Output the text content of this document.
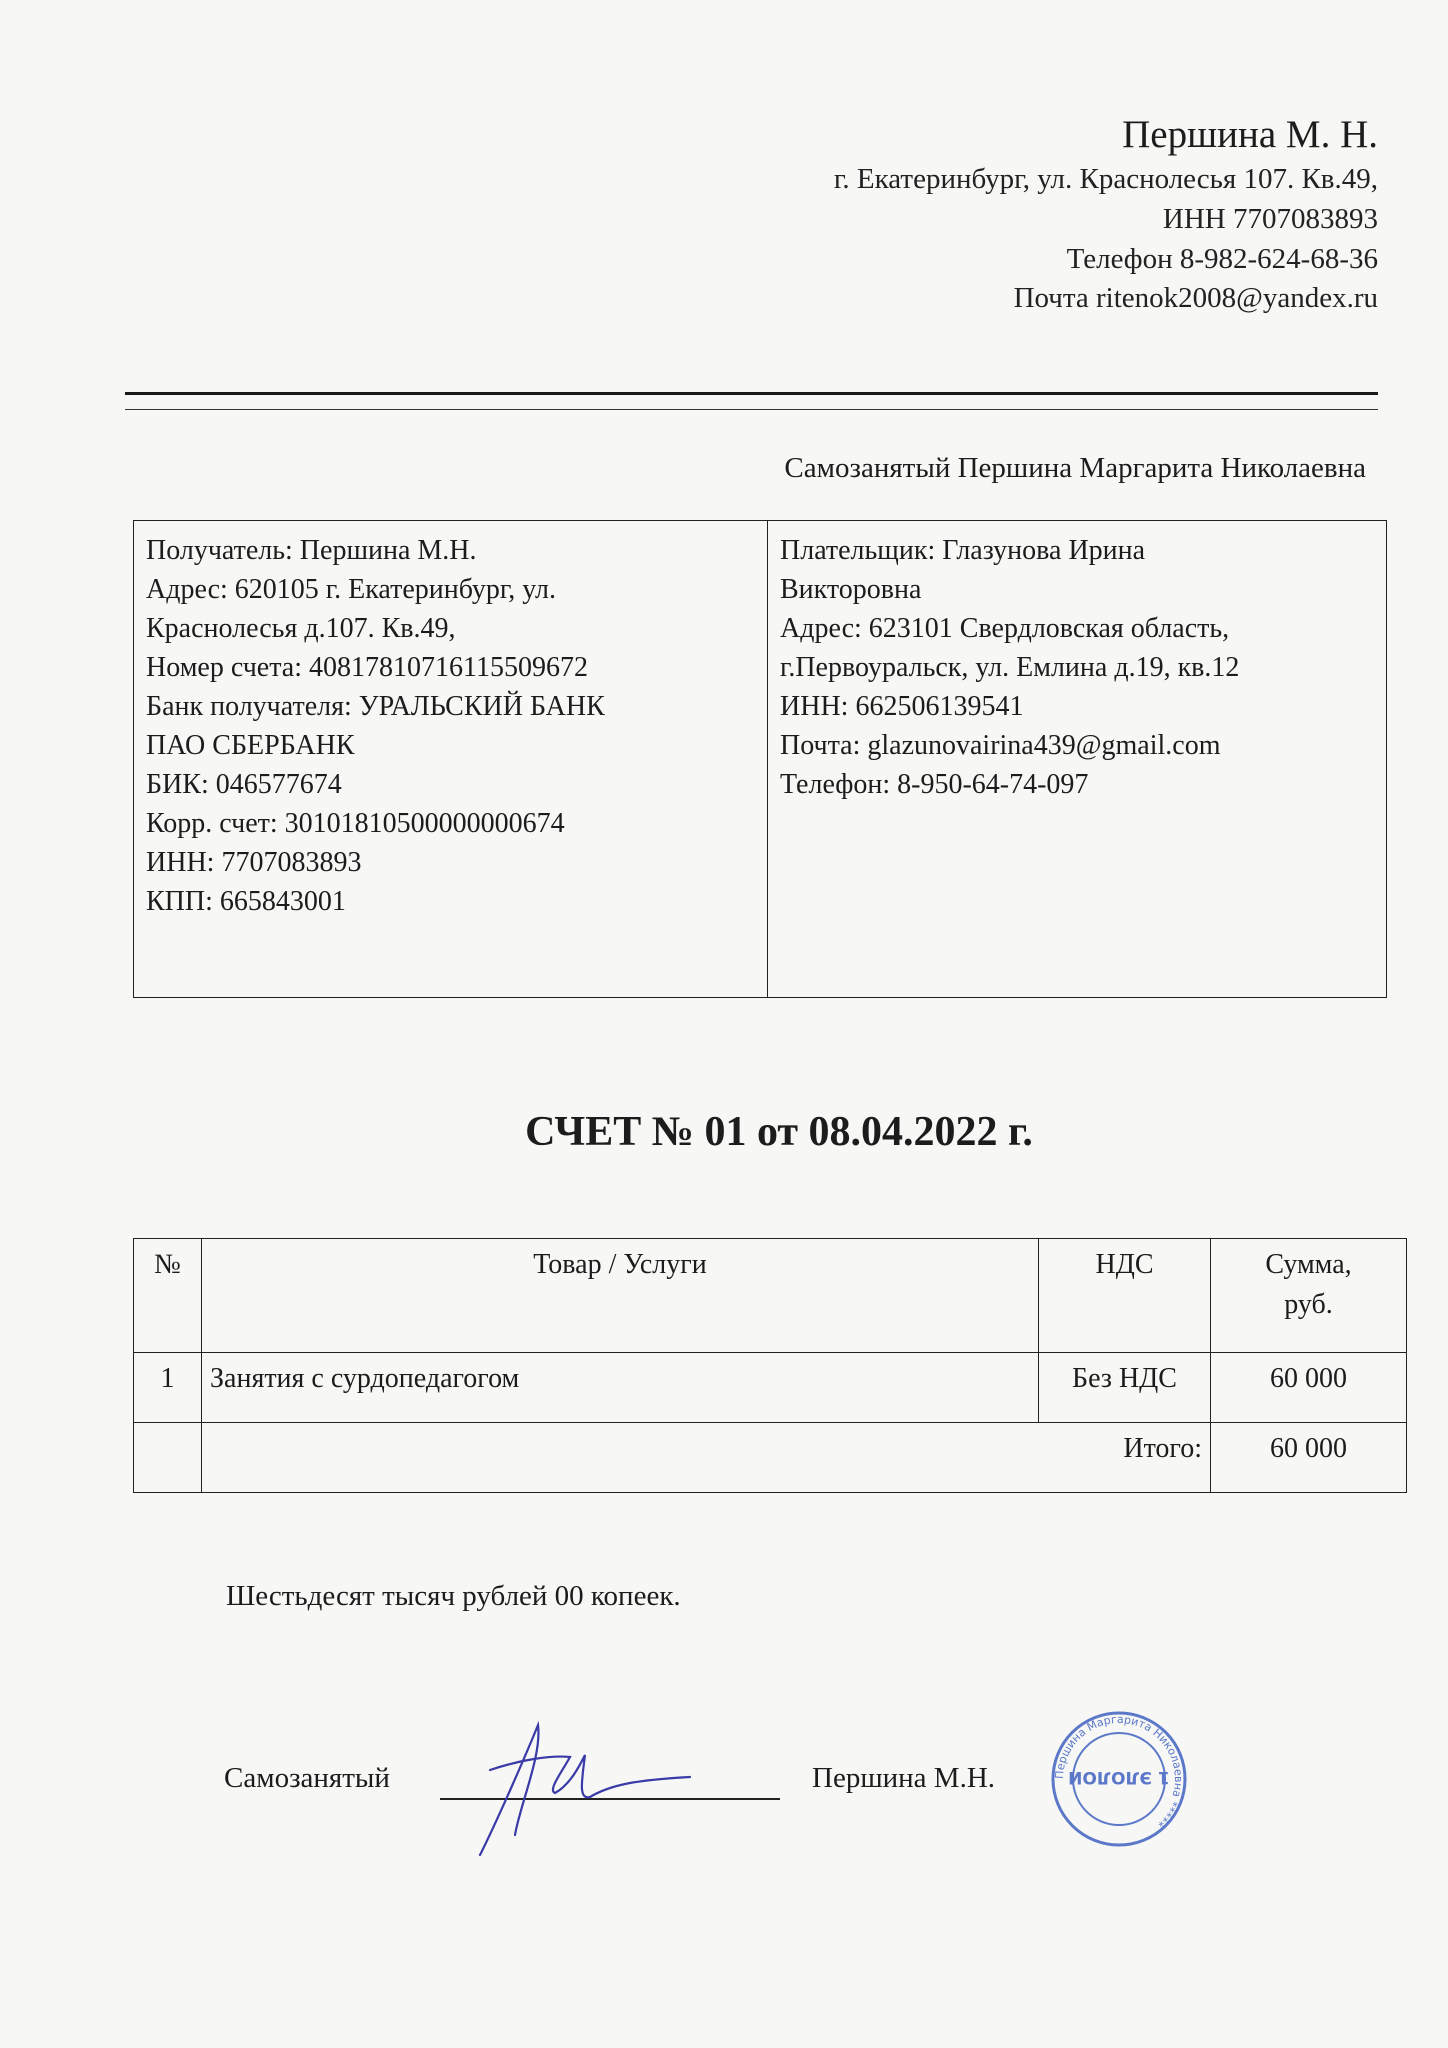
Першина М. Н.
г. Екатеринбург, ул. Краснолесья 107. Кв.49,
ИНН 7707083893
Телефон 8-982-624-68-36
Почта ritenok2008@yandex.ru
Самозанятый Першина Маргарита Николаевна
Получатель: Першина М.Н.
Адрес: 620105 г. Екатеринбург, ул.
Краснолесья д.107. Кв.49,
Номер счета: 40817810716115509672
Банк получателя: УРАЛЬСКИЙ БАНК
ПАО СБЕРБАНК
БИК: 046577674
Корр. счет: 30101810500000000674
ИНН: 7707083893
КПП: 665843001
Плательщик: Глазунова Ирина
Викторовна
Адрес: 623101 Свердловская область,
г.Первоуральск, ул. Емлина д.19, кв.12
ИНН: 662506139541
Почта: glazunovairina439@gmail.com
Телефон: 8-950-64-74-097
СЧЕТ № 01 от 08.04.2022 г.
№	Товар / Услуги	НДС	Сумма,
руб.

1	Занятия с сурдопедагогом	Без НДС	60 000
	Итого:		60 000
Шестьдесят тысяч рублей 00 копеек.
Самозанятый	Першина М.Н.	Першина Маргарита Николаевна *****
1 ЭЛОЛОИ
